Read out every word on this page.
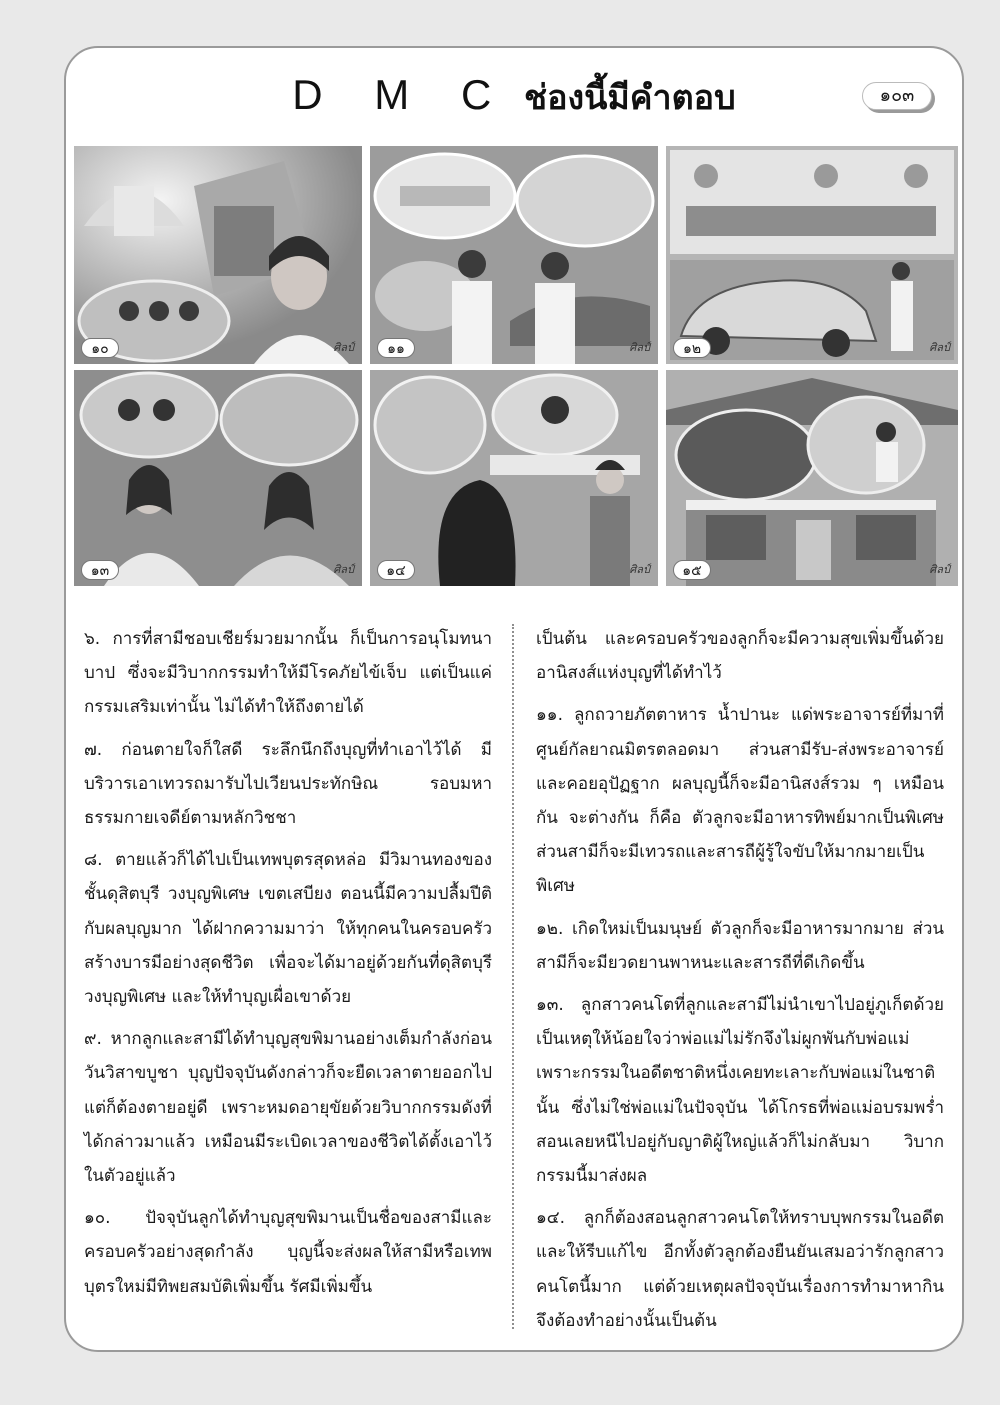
D M C ช่องนี้มีคำตอบ	๑๐๓
๑๐	ศิลป์	๑๑	ศิลป์	๑๒	ศิลป์
๑๓	ศิลป์	๑๔	ศิลป์	๑๕	ศิลป์

๖. การที่สามีชอบเชียร์มวยมากนั้น ก็เป็นการอนุโมทนาบาป ซึ่งจะมีวิบากกรรมทำให้มีโรคภัยไข้เจ็บ แต่เป็นแค่กรรมเสริมเท่านั้น ไม่ได้ทำให้ถึงตายได้

๗. ก่อนตายใจก็ใสดี ระลึกนึกถึงบุญที่ทำเอาไว้ได้ มีบริวารเอาเทวรถมารับไปเวียนประทักษิณ รอบมหาธรรมกายเจดีย์ตามหลักวิชชา

๘. ตายแล้วก็ได้ไปเป็นเทพบุตรสุดหล่อ มีวิมานทองของชั้นดุสิตบุรี วงบุญพิเศษ เขตเสบียง ตอนนี้มีความปลื้มปีติกับผลบุญมาก ได้ฝากความมาว่า ให้ทุกคนในครอบครัวสร้างบารมีอย่างสุดชีวิต เพื่อจะได้มาอยู่ด้วยกันที่ดุสิตบุรี วงบุญพิเศษ และให้ทำบุญเผื่อเขาด้วย

๙. หากลูกและสามีได้ทำบุญสุขพิมานอย่างเต็มกำลังก่อนวันวิสาขบูชา บุญปัจจุบันดังกล่าวก็จะยืดเวลาตายออกไป แต่ก็ต้องตายอยู่ดี เพราะหมดอายุขัยด้วยวิบากกรรมดังที่ได้กล่าวมาแล้ว เหมือนมีระเบิดเวลาของชีวิตได้ตั้งเอาไว้ในตัวอยู่แล้ว

๑๐. ปัจจุบันลูกได้ทำบุญสุขพิมานเป็นชื่อของสามีและครอบครัวอย่างสุดกำลัง บุญนี้จะส่งผลให้สามีหรือเทพบุตรใหม่มีทิพยสมบัติเพิ่มขึ้น รัศมีเพิ่มขึ้น

เป็นต้น และครอบครัวของลูกก็จะมีความสุขเพิ่มขึ้นด้วยอานิสงส์แห่งบุญที่ได้ทำไว้

๑๑. ลูกถวายภัตตาหาร น้ำปานะ แด่พระอาจารย์ที่มาที่ศูนย์กัลยาณมิตรตลอดมา ส่วนสามีรับ-ส่งพระอาจารย์และคอยอุปัฏฐาก ผลบุญนี้ก็จะมีอานิสงส์รวม ๆ เหมือนกัน จะต่างกัน ก็คือ ตัวลูกจะมีอาหารทิพย์มากเป็นพิเศษ ส่วนสามีก็จะมีเทวรถและสารถีผู้รู้ใจขับให้มากมายเป็นพิเศษ

๑๒. เกิดใหม่เป็นมนุษย์ ตัวลูกก็จะมีอาหารมากมาย ส่วนสามีก็จะมียวดยานพาหนะและสารถีที่ดีเกิดขึ้น

๑๓. ลูกสาวคนโตที่ลูกและสามีไม่นำเขาไปอยู่ภูเก็ตด้วยเป็นเหตุให้น้อยใจว่าพ่อแม่ไม่รักจึงไม่ผูกพันกับพ่อแม่ เพราะกรรมในอดีตชาติหนึ่งเคยทะเลาะกับพ่อแม่ในชาตินั้น ซึ่งไม่ใช่พ่อแม่ในปัจจุบัน ได้โกรธที่พ่อแม่อบรมพร่ำสอนเลยหนีไปอยู่กับญาติผู้ใหญ่แล้วก็ไม่กลับมา วิบากกรรมนี้มาส่งผล

๑๔. ลูกก็ต้องสอนลูกสาวคนโตให้ทราบบุพกรรมในอดีต และให้รีบแก้ไข อีกทั้งตัวลูกต้องยืนยันเสมอว่ารักลูกสาวคนโตนี้มาก แต่ด้วยเหตุผลปัจจุบันเรื่องการทำมาหากินจึงต้องทำอย่างนั้นเป็นต้น
